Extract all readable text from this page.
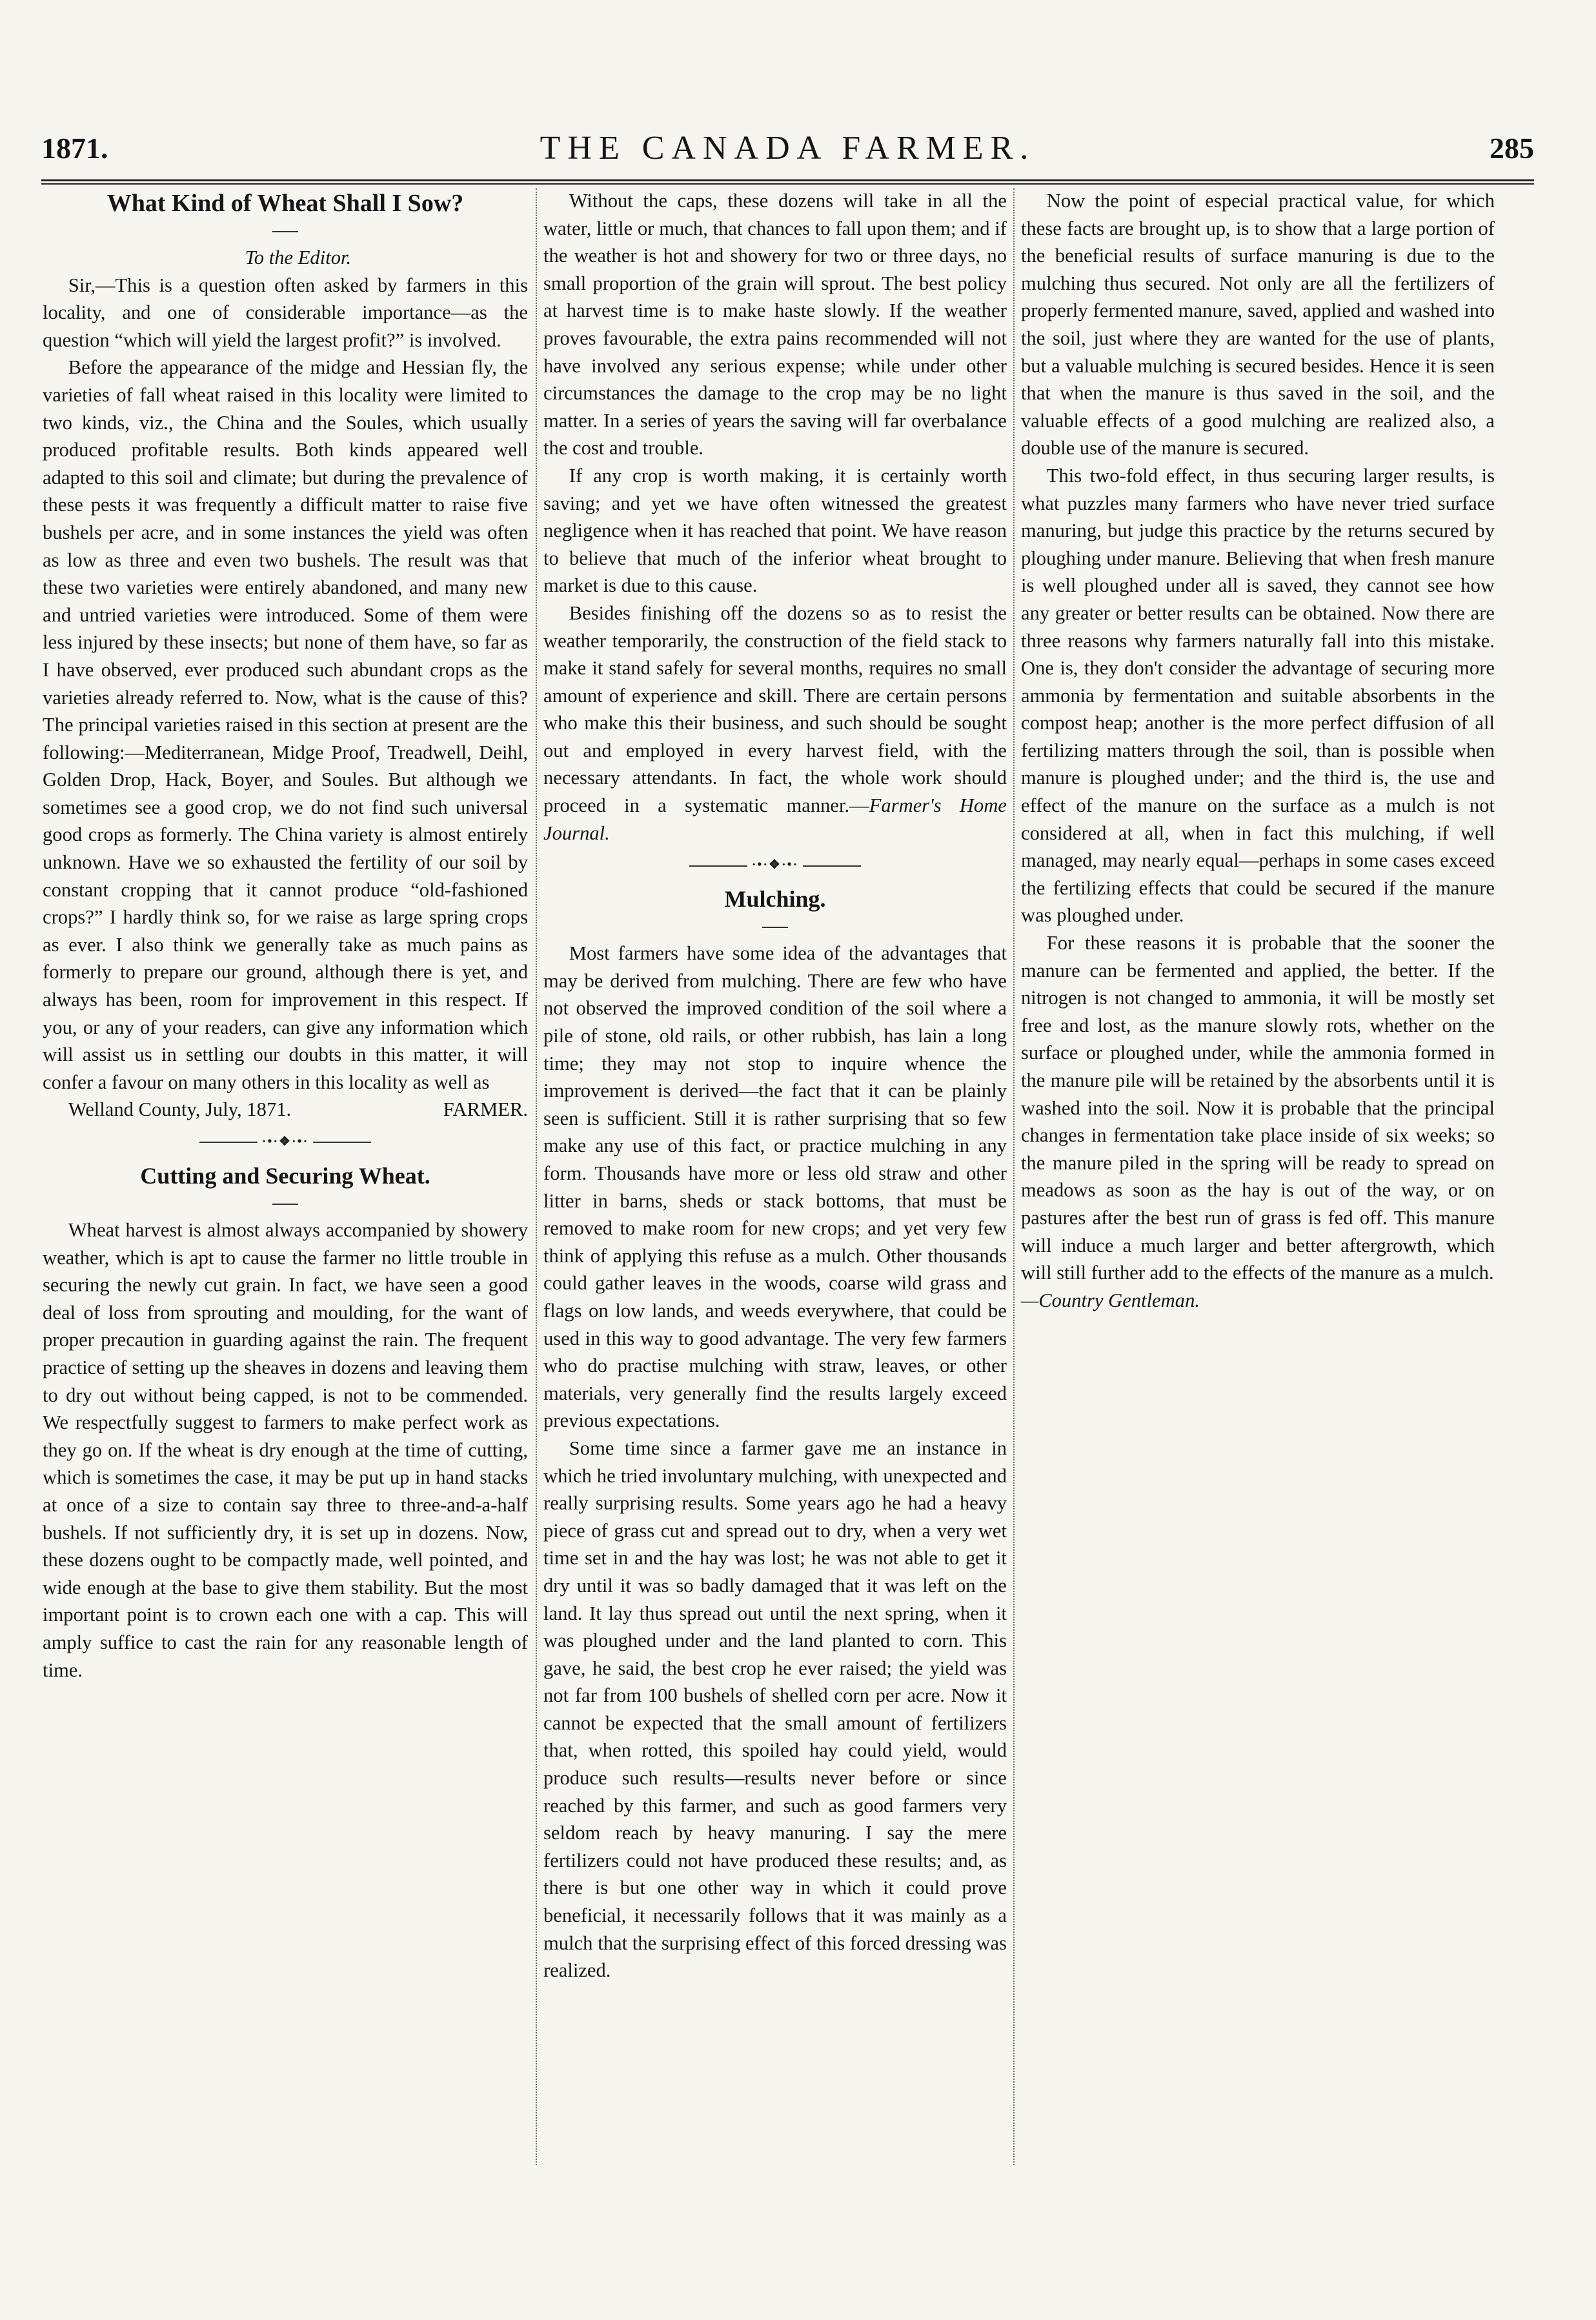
1871.	THE CANADA FARMER.	285
What Kind of Wheat Shall I Sow?

To the Editor.

Sir,—This is a question often asked by farmers in this locality, and one of considerable importance—as the question “which will yield the largest profit?” is involved.

Before the appearance of the midge and Hessian fly, the varieties of fall wheat raised in this locality were limited to two kinds, viz., the China and the Soules, which usually produced profitable results. Both kinds appeared well adapted to this soil and climate; but during the prevalence of these pests it was frequently a difficult matter to raise five bushels per acre, and in some instances the yield was often as low as three and even two bushels. The result was that these two varieties were entirely abandoned, and many new and untried varieties were introduced. Some of them were less injured by these insects; but none of them have, so far as I have observed, ever produced such abundant crops as the varieties already referred to. Now, what is the cause of this? The principal varieties raised in this section at present are the following:—Mediterranean, Midge Proof, Treadwell, Deihl, Golden Drop, Hack, Boyer, and Soules. But although we sometimes see a good crop, we do not find such universal good crops as formerly. The China variety is almost entirely unknown. Have we so exhausted the fertility of our soil by constant cropping that it cannot produce “old-fashioned crops?” I hardly think so, for we raise as large spring crops as ever. I also think we generally take as much pains as formerly to prepare our ground, although there is yet, and always has been, room for improvement in this respect. If you, or any of your readers, can give any information which will assist us in settling our doubts in this matter, it will confer a favour on many others in this locality as well as

Welland County, July, 1871.	FARMER.
·•·❖·•·
Cutting and Securing Wheat.

Wheat harvest is almost always accompanied by showery weather, which is apt to cause the farmer no little trouble in securing the newly cut grain. In fact, we have seen a good deal of loss from sprouting and moulding, for the want of proper precaution in guarding against the rain. The frequent practice of setting up the sheaves in dozens and leaving them to dry out without being capped, is not to be commended. We respectfully suggest to farmers to make perfect work as they go on. If the wheat is dry enough at the time of cutting, which is sometimes the case, it may be put up in hand stacks at once of a size to contain say three to three-and-a-half bushels. If not sufficiently dry, it is set up in dozens. Now, these dozens ought to be compactly made, well pointed, and wide enough at the base to give them stability. But the most important point is to crown each one with a cap. This will amply suffice to cast the rain for any reasonable length of time.

Without the caps, these dozens will take in all the water, little or much, that chances to fall upon them; and if the weather is hot and showery for two or three days, no small proportion of the grain will sprout. The best policy at harvest time is to make haste slowly. If the weather proves favourable, the extra pains recommended will not have involved any serious expense; while under other circumstances the damage to the crop may be no light matter. In a series of years the saving will far overbalance the cost and trouble.

If any crop is worth making, it is certainly worth saving; and yet we have often witnessed the greatest negligence when it has reached that point. We have reason to believe that much of the inferior wheat brought to market is due to this cause.

Besides finishing off the dozens so as to resist the weather temporarily, the construction of the field stack to make it stand safely for several months, requires no small amount of experience and skill. There are certain persons who make this their business, and such should be sought out and employed in every harvest field, with the necessary attendants. In fact, the whole work should proceed in a systematic manner.—Farmer's Home Journal.

·•·❖·•·
Mulching.

Most farmers have some idea of the advantages that may be derived from mulching. There are few who have not observed the improved condition of the soil where a pile of stone, old rails, or other rubbish, has lain a long time; they may not stop to inquire whence the improvement is derived—the fact that it can be plainly seen is sufficient. Still it is rather surprising that so few make any use of this fact, or practice mulching in any form. Thousands have more or less old straw and other litter in barns, sheds or stack bottoms, that must be removed to make room for new crops; and yet very few think of applying this refuse as a mulch. Other thousands could gather leaves in the woods, coarse wild grass and flags on low lands, and weeds everywhere, that could be used in this way to good advantage. The very few farmers who do practise mulching with straw, leaves, or other materials, very generally find the results largely exceed previous expectations.

Some time since a farmer gave me an instance in which he tried involuntary mulching, with unexpected and really surprising results. Some years ago he had a heavy piece of grass cut and spread out to dry, when a very wet time set in and the hay was lost; he was not able to get it dry until it was so badly damaged that it was left on the land. It lay thus spread out until the next spring, when it was ploughed under and the land planted to corn. This gave, he said, the best crop he ever raised; the yield was not far from 100 bushels of shelled corn per acre. Now it cannot be expected that the small amount of fertilizers that, when rotted, this spoiled hay could yield, would produce such results—results never before or since reached by this farmer, and such as good farmers very seldom reach by heavy manuring. I say the mere fertilizers could not have produced these results; and, as there is but one other way in which it could prove beneficial, it necessarily follows that it was mainly as a mulch that the surprising effect of this forced dressing was realized.

Now the point of especial practical value, for which these facts are brought up, is to show that a large portion of the beneficial results of surface manuring is due to the mulching thus secured. Not only are all the fertilizers of properly fermented manure, saved, applied and washed into the soil, just where they are wanted for the use of plants, but a valuable mulching is secured besides. Hence it is seen that when the manure is thus saved in the soil, and the valuable effects of a good mulching are realized also, a double use of the manure is secured.

This two-fold effect, in thus securing larger results, is what puzzles many farmers who have never tried surface manuring, but judge this practice by the returns secured by ploughing under manure. Believing that when fresh manure is well ploughed under all is saved, they cannot see how any greater or better results can be obtained. Now there are three reasons why farmers naturally fall into this mistake. One is, they don't consider the advantage of securing more ammonia by fermentation and suitable absorbents in the compost heap; another is the more perfect diffusion of all fertilizing matters through the soil, than is possible when manure is ploughed under; and the third is, the use and effect of the manure on the surface as a mulch is not considered at all, when in fact this mulching, if well managed, may nearly equal—perhaps in some cases exceed the fertilizing effects that could be secured if the manure was ploughed under.

For these reasons it is probable that the sooner the manure can be fermented and applied, the better. If the nitrogen is not changed to ammonia, it will be mostly set free and lost, as the manure slowly rots, whether on the surface or ploughed under, while the ammonia formed in the manure pile will be retained by the absorbents until it is washed into the soil. Now it is probable that the principal changes in fermentation take place inside of six weeks; so the manure piled in the spring will be ready to spread on meadows as soon as the hay is out of the way, or on pastures after the best run of grass is fed off. This manure will induce a much larger and better aftergrowth, which will still further add to the effects of the manure as a mulch.

—Country Gentleman.
